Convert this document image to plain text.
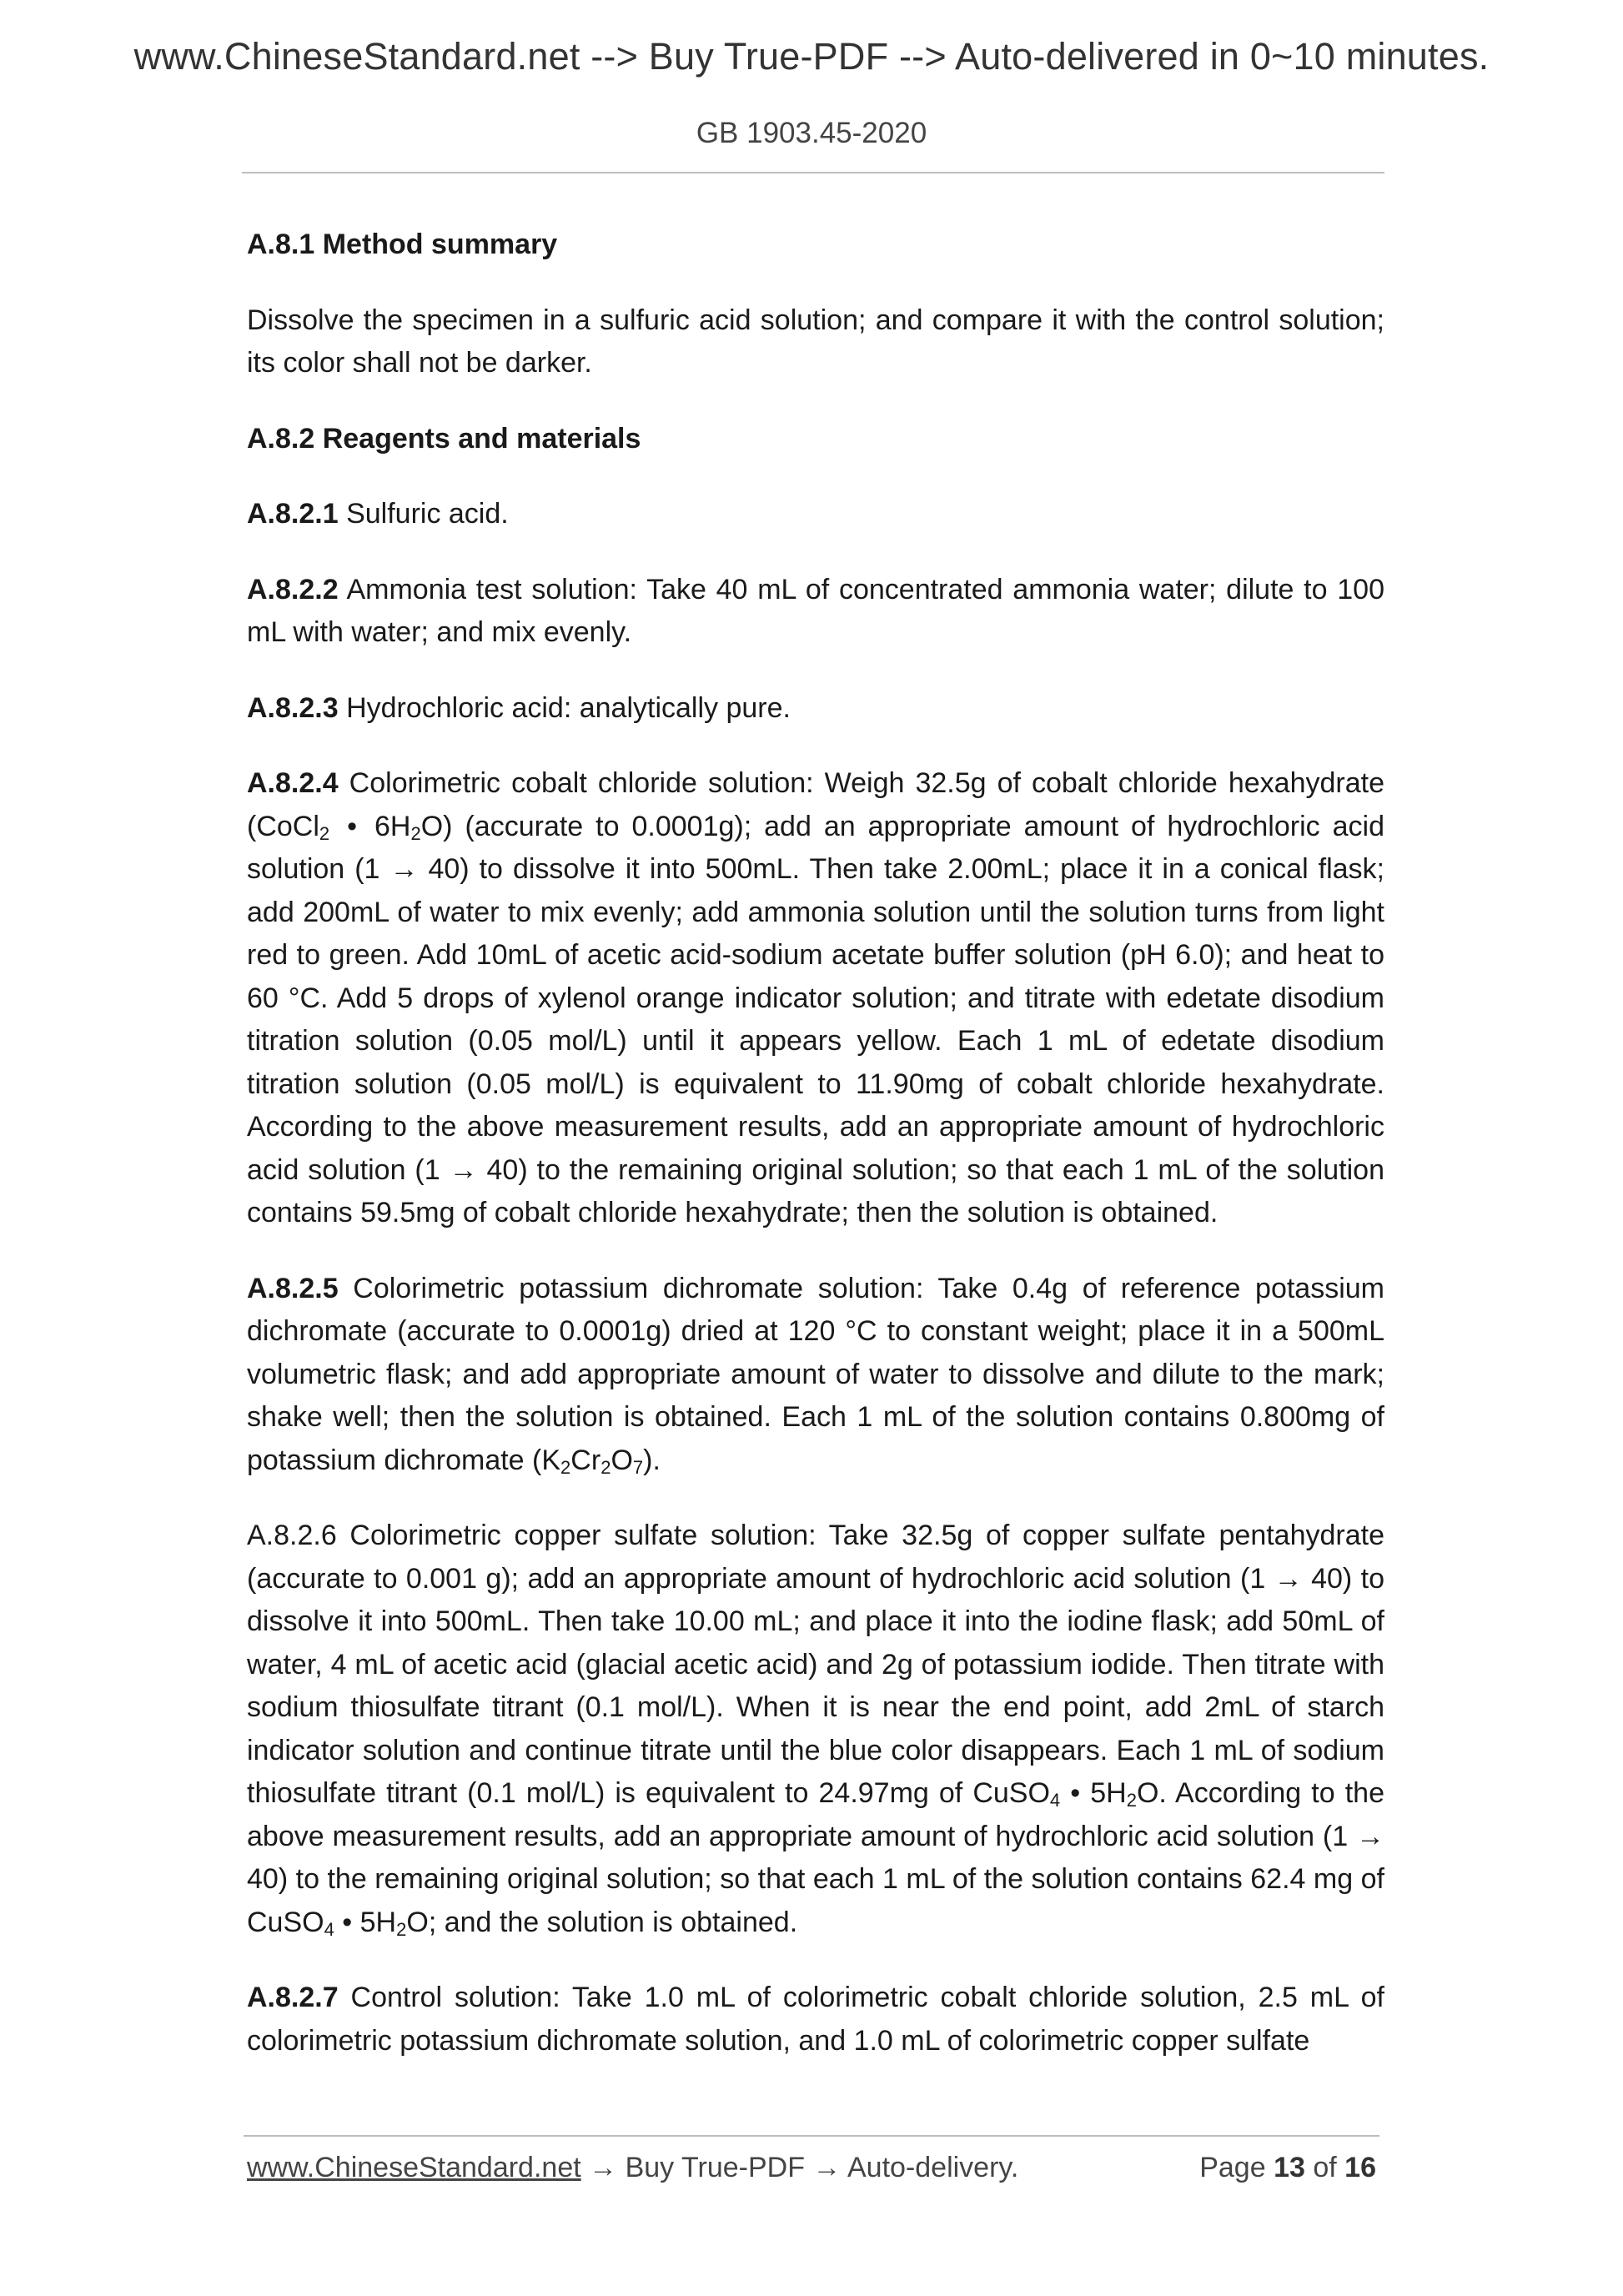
www.ChineseStandard.net --> Buy True-PDF --> Auto-delivered in 0~10 minutes.
GB 1903.45-2020
A.8.1 Method summary

Dissolve the specimen in a sulfuric acid solution; and compare it with the control solution; its color shall not be darker.

A.8.2 Reagents and materials

A.8.2.1 Sulfuric acid.

A.8.2.2 Ammonia test solution: Take 40 mL of concentrated ammonia water; dilute to 100 mL with water; and mix evenly.

A.8.2.3 Hydrochloric acid: analytically pure.

A.8.2.4 Colorimetric cobalt chloride solution: Weigh 32.5g of cobalt chloride hexahydrate (CoCl$_2$ • $6H_2O$) (accurate to 0.0001g); add an appropriate amount of hydrochloric acid solution (1 → 40) to dissolve it into 500mL. Then take 2.00mL; place it in a conical flask; add 200mL of water to mix evenly; add ammonia solution until the solution turns from light red to green. Add 10mL of acetic acid-sodium acetate buffer solution (pH 6.0); and heat to 60 °C. Add 5 drops of xylenol orange indicator solution; and titrate with edetate disodium titration solution (0.05 mol/L) until it appears yellow. Each 1 mL of edetate disodium titration solution (0.05 mol/L) is equivalent to 11.90mg of cobalt chloride hexahydrate. According to the above measurement results, add an appropriate amount of hydrochloric acid solution (1 → 40) to the remaining original solution; so that each 1 mL of the solution contains 59.5mg of cobalt chloride hexahydrate; then the solution is obtained.

A.8.2.5 Colorimetric potassium dichromate solution: Take 0.4g of reference potassium dichromate (accurate to 0.0001g) dried at 120 °C to constant weight; place it in a 500mL volumetric flask; and add appropriate amount of water to dissolve and dilute to the mark; shake well; then the solution is obtained. Each 1 mL of the solution contains 0.800mg of potassium dichromate $(K_2Cr_2O_7)$.

A.8.2.6 Colorimetric copper sulfate solution: Take 32.5g of copper sulfate pentahydrate (accurate to 0.001 g); add an appropriate amount of hydrochloric acid solution (1 → 40) to dissolve it into 500mL. Then take 10.00 mL; and place it into the iodine flask; add 50mL of water, 4 mL of acetic acid (glacial acetic acid) and 2g of potassium iodide. Then titrate with sodium thiosulfate titrant (0.1 mol/L). When it is near the end point, add 2mL of starch indicator solution and continue titrate until the blue color disappears. Each 1 mL of sodium thiosulfate titrant (0.1 mol/L) is equivalent to 24.97mg of CuSO$_4$ • $5H_2O$. According to the above measurement results, add an appropriate amount of hydrochloric acid solution (1 → 40) to the remaining original solution; so that each 1 mL of the solution contains 62.4 mg of CuSO$_4$ • $5H_2O$; and the solution is obtained.

A.8.2.7 Control solution: Take 1.0 mL of colorimetric cobalt chloride solution, 2.5 mL of colorimetric potassium dichromate solution, and 1.0 mL of colorimetric copper sulfate

www.ChineseStandard.net → Buy True-PDF → Auto-delivery.	Page 13 of 16
